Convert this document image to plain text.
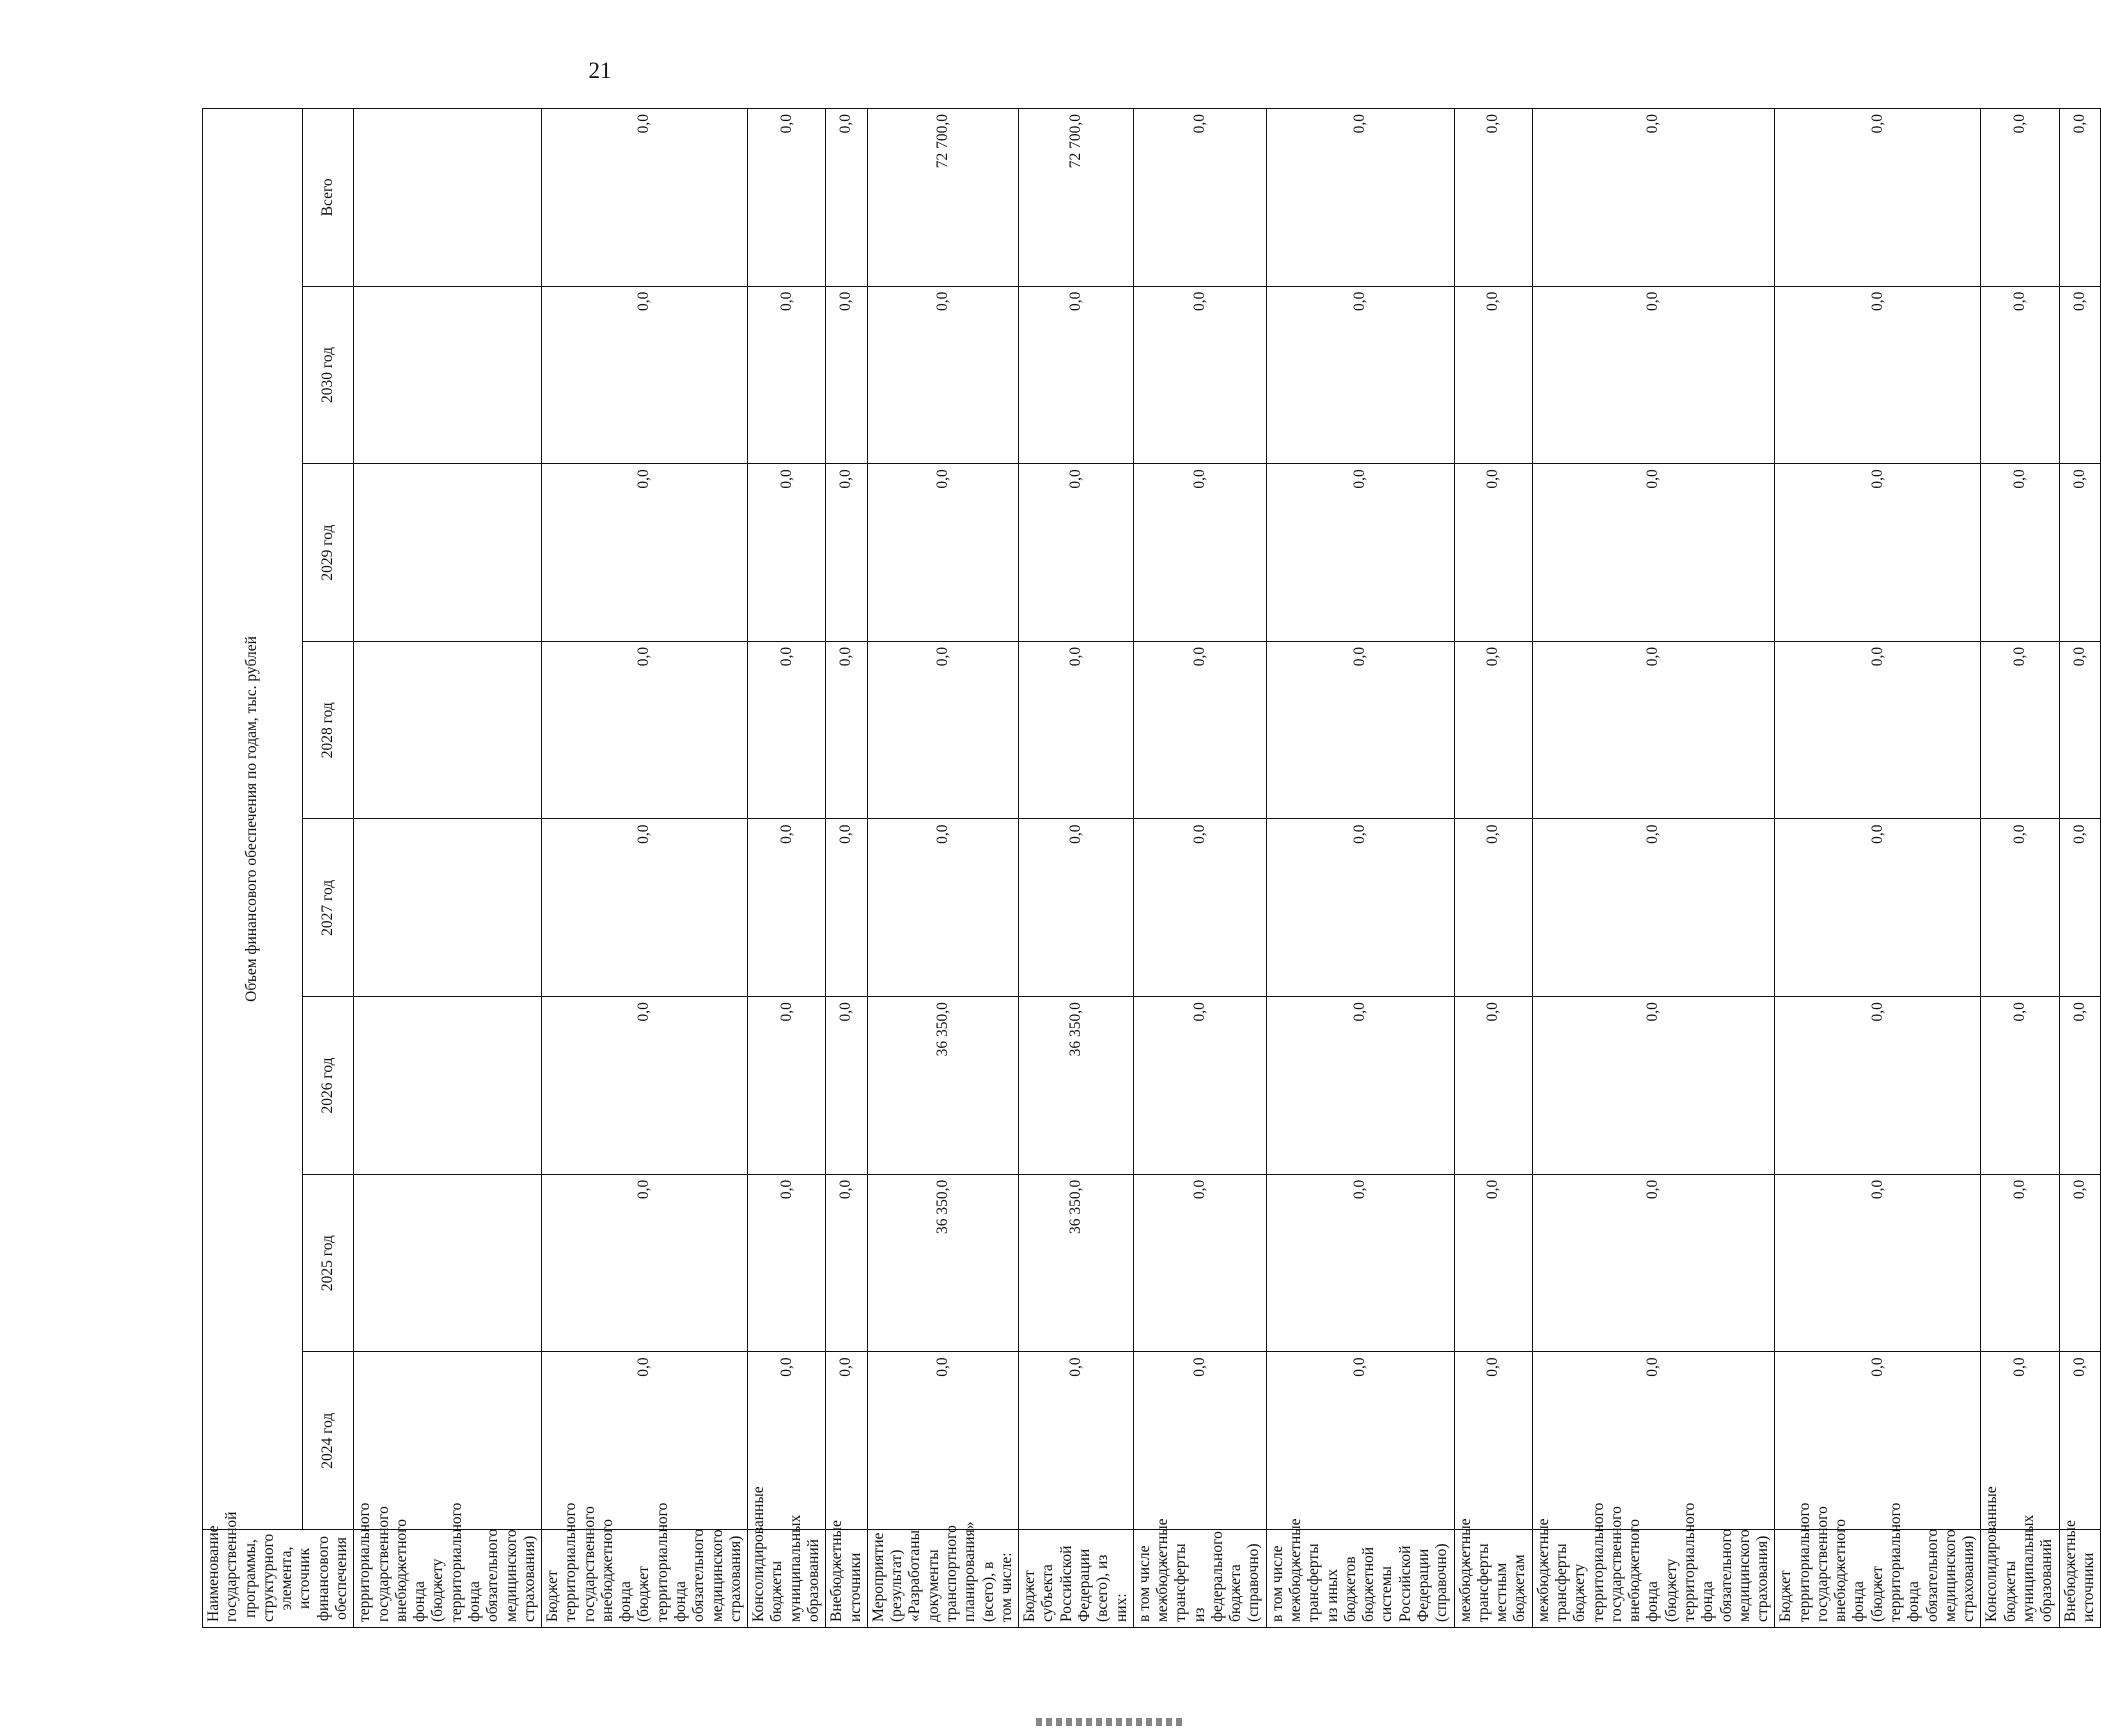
21
Наименование государственной программы, структурного элемента, источник финансового обеспечения	Объем финансового обеспечения по годам, тыс. рублей							
	2024 год	2025 год	2026 год	2027 год	2028 год	2029 год	2030 год	Всего
территориального государственного внебюджетного фонда (бюджету территориального фонда обязательного медицинского страхования)								
Бюджет территориального государственного внебюджетного фонда (бюджет территориального фонда обязательного медицинского страхования)	0,0	0,0	0,0	0,0	0,0	0,0	0,0	0,0
Консолидированные бюджеты муниципальных образований	0,0	0,0	0,0	0,0	0,0	0,0	0,0	0,0
Внебюджетные источники	0,0	0,0	0,0	0,0	0,0	0,0	0,0	0,0
Мероприятие (результат) «Разработаны документы транспортного планирования» (всего), в том числе:	0,0	36 350,0	36 350,0	0,0	0,0	0,0	0,0	72 700,0
Бюджет субъекта Российской Федерации (всего), из них:	0,0	36 350,0	36 350,0	0,0	0,0	0,0	0,0	72 700,0
в том числе межбюджетные трансферты из федерального бюджета (справочно)	0,0	0,0	0,0	0,0	0,0	0,0	0,0	0,0
в том числе межбюджетные трансферты из иных бюджетов бюджетной системы Российской Федерации (справочно)	0,0	0,0	0,0	0,0	0,0	0,0	0,0	0,0
межбюджетные трансферты местным бюджетам	0,0	0,0	0,0	0,0	0,0	0,0	0,0	0,0
межбюджетные трансферты бюджету территориального государственного внебюджетного фонда (бюджету территориального фонда обязательного медицинского страхования)	0,0	0,0	0,0	0,0	0,0	0,0	0,0	0,0
Бюджет территориального государственного внебюджетного фонда (бюджет территориального фонда обязательного медицинского страхования)	0,0	0,0	0,0	0,0	0,0	0,0	0,0	0,0
Консолидированные бюджеты муниципальных образований	0,0	0,0	0,0	0,0	0,0	0,0	0,0	0,0
Внебюджетные источники	0,0	0,0	0,0	0,0	0,0	0,0	0,0	0,0
